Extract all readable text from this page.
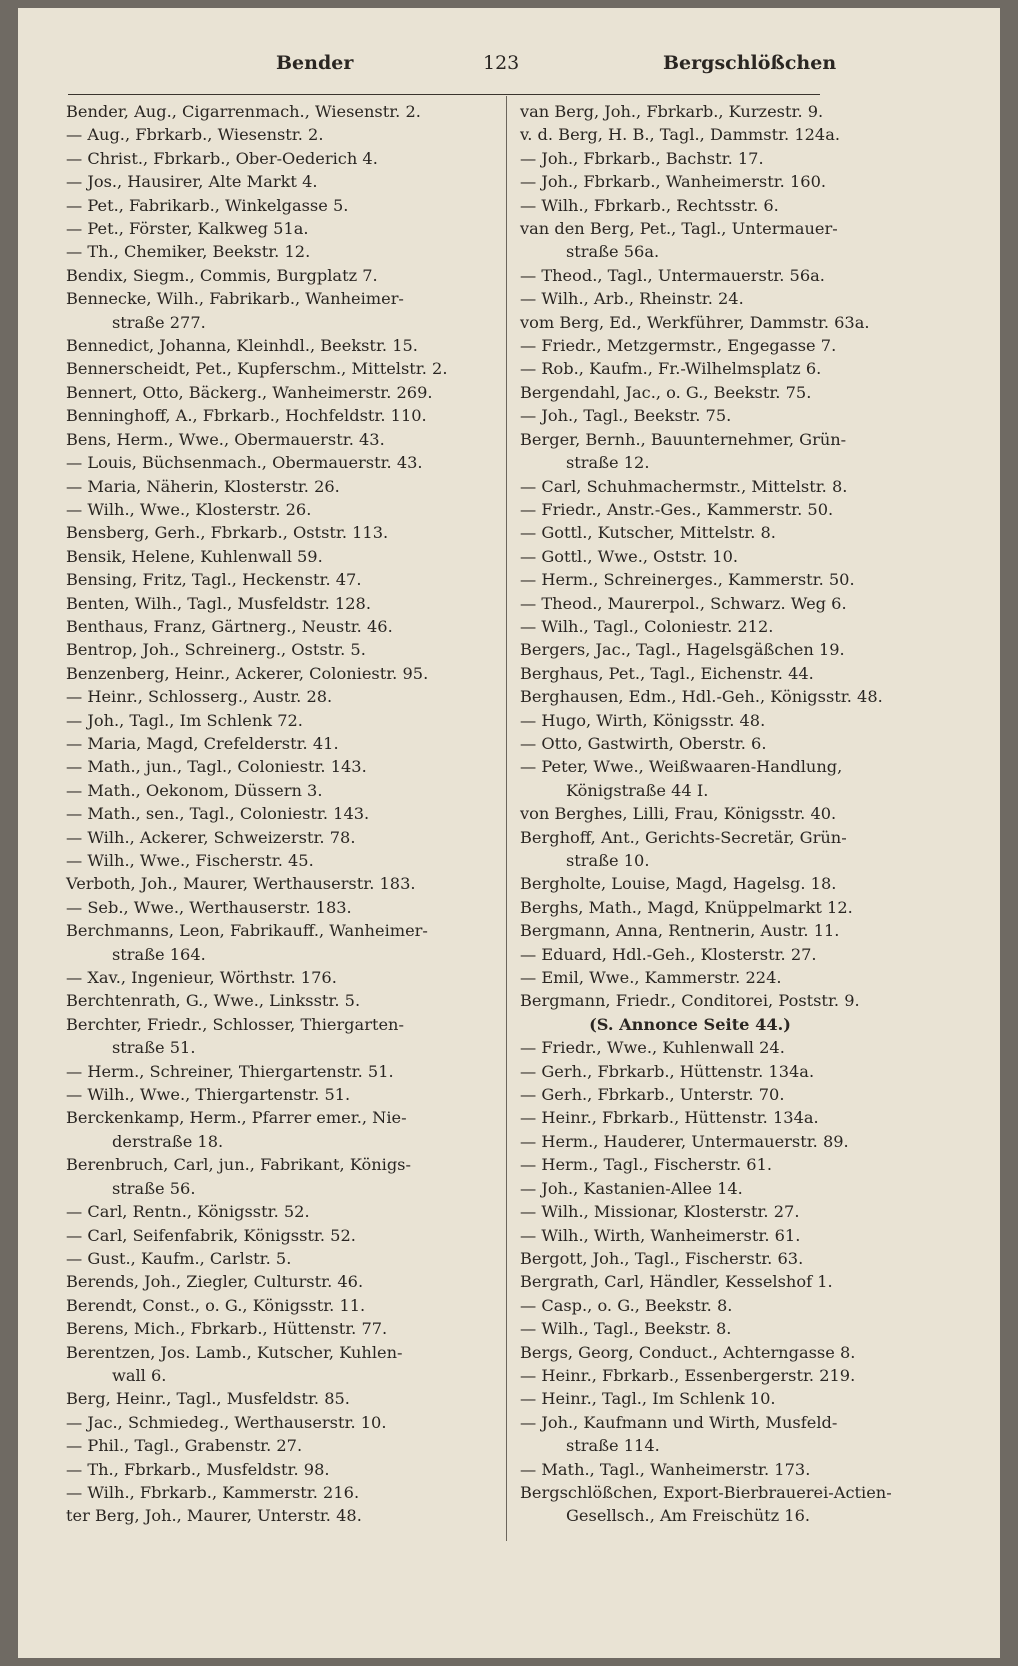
Bender	123	Bergschlößchen
Bender, Aug., Cigarrenmach., Wiesenstr. 2.
— Aug., Fbrkarb., Wiesenstr. 2.
— Christ., Fbrkarb., Ober-Oederich 4.
— Jos., Hausirer, Alte Markt 4.
— Pet., Fabrikarb., Winkelgasse 5.
— Pet., Förster, Kalkweg 51a.
— Th., Chemiker, Beekstr. 12.
Bendix, Siegm., Commis, Burgplatz 7.
Bennecke, Wilh., Fabrikarb., Wanheimer-
straße 277.
Bennedict, Johanna, Kleinhdl., Beekstr. 15.
Bennerscheidt, Pet., Kupferschm., Mittelstr. 2.
Bennert, Otto, Bäckerg., Wanheimerstr. 269.
Benninghoff, A., Fbrkarb., Hochfeldstr. 110.
Bens, Herm., Wwe., Obermauerstr. 43.
— Louis, Büchsenmach., Obermauerstr. 43.
— Maria, Näherin, Klosterstr. 26.
— Wilh., Wwe., Klosterstr. 26.
Bensberg, Gerh., Fbrkarb., Oststr. 113.
Bensik, Helene, Kuhlenwall 59.
Bensing, Fritz, Tagl., Heckenstr. 47.
Benten, Wilh., Tagl., Musfeldstr. 128.
Benthaus, Franz, Gärtnerg., Neustr. 46.
Bentrop, Joh., Schreinerg., Oststr. 5.
Benzenberg, Heinr., Ackerer, Coloniestr. 95.
— Heinr., Schlosserg., Austr. 28.
— Joh., Tagl., Im Schlenk 72.
— Maria, Magd, Crefelderstr. 41.
— Math., jun., Tagl., Coloniestr. 143.
— Math., Oekonom, Düssern 3.
— Math., sen., Tagl., Coloniestr. 143.
— Wilh., Ackerer, Schweizerstr. 78.
— Wilh., Wwe., Fischerstr. 45.
Verboth, Joh., Maurer, Werthauserstr. 183.
— Seb., Wwe., Werthauserstr. 183.
Berchmanns, Leon, Fabrikauff., Wanheimer-
straße 164.
— Xav., Ingenieur, Wörthstr. 176.
Berchtenrath, G., Wwe., Linksstr. 5.
Berchter, Friedr., Schlosser, Thiergarten-
straße 51.
— Herm., Schreiner, Thiergartenstr. 51.
— Wilh., Wwe., Thiergartenstr. 51.
Berckenkamp, Herm., Pfarrer emer., Nie-
derstraße 18.
Berenbruch, Carl, jun., Fabrikant, Königs-
straße 56.
— Carl, Rentn., Königsstr. 52.
— Carl, Seifenfabrik, Königsstr. 52.
— Gust., Kaufm., Carlstr. 5.
Berends, Joh., Ziegler, Culturstr. 46.
Berendt, Const., o. G., Königsstr. 11.
Berens, Mich., Fbrkarb., Hüttenstr. 77.
Berentzen, Jos. Lamb., Kutscher, Kuhlen-
wall 6.
Berg, Heinr., Tagl., Musfeldstr. 85.
— Jac., Schmiedeg., Werthauserstr. 10.
— Phil., Tagl., Grabenstr. 27.
— Th., Fbrkarb., Musfeldstr. 98.
— Wilh., Fbrkarb., Kammerstr. 216.
ter Berg, Joh., Maurer, Unterstr. 48.
van Berg, Joh., Fbrkarb., Kurzestr. 9.
v. d. Berg, H. B., Tagl., Dammstr. 124a.
— Joh., Fbrkarb., Bachstr. 17.
— Joh., Fbrkarb., Wanheimerstr. 160.
— Wilh., Fbrkarb., Rechtsstr. 6.
van den Berg, Pet., Tagl., Untermauer-
straße 56a.
— Theod., Tagl., Untermauerstr. 56a.
— Wilh., Arb., Rheinstr. 24.
vom Berg, Ed., Werkführer, Dammstr. 63a.
— Friedr., Metzgermstr., Engegasse 7.
— Rob., Kaufm., Fr.-Wilhelmsplatz 6.
Bergendahl, Jac., o. G., Beekstr. 75.
— Joh., Tagl., Beekstr. 75.
Berger, Bernh., Bauunternehmer, Grün-
straße 12.
— Carl, Schuhmachermstr., Mittelstr. 8.
— Friedr., Anstr.-Ges., Kammerstr. 50.
— Gottl., Kutscher, Mittelstr. 8.
— Gottl., Wwe., Oststr. 10.
— Herm., Schreinerges., Kammerstr. 50.
— Theod., Maurerpol., Schwarz. Weg 6.
— Wilh., Tagl., Coloniestr. 212.
Bergers, Jac., Tagl., Hagelsgäßchen 19.
Berghaus, Pet., Tagl., Eichenstr. 44.
Berghausen, Edm., Hdl.-Geh., Königsstr. 48.
— Hugo, Wirth, Königsstr. 48.
— Otto, Gastwirth, Oberstr. 6.
— Peter, Wwe., Weißwaaren-Handlung,
Königstraße 44 I.
von Berghes, Lilli, Frau, Königsstr. 40.
Berghoff, Ant., Gerichts-Secretär, Grün-
straße 10.
Bergholte, Louise, Magd, Hagelsg. 18.
Berghs, Math., Magd, Knüppelmarkt 12.
Bergmann, Anna, Rentnerin, Austr. 11.
— Eduard, Hdl.-Geh., Klosterstr. 27.
— Emil, Wwe., Kammerstr. 224.
Bergmann, Friedr., Conditorei, Poststr. 9.
(S. Annonce Seite 44.)
— Friedr., Wwe., Kuhlenwall 24.
— Gerh., Fbrkarb., Hüttenstr. 134a.
— Gerh., Fbrkarb., Unterstr. 70.
— Heinr., Fbrkarb., Hüttenstr. 134a.
— Herm., Hauderer, Untermauerstr. 89.
— Herm., Tagl., Fischerstr. 61.
— Joh., Kastanien-Allee 14.
— Wilh., Missionar, Klosterstr. 27.
— Wilh., Wirth, Wanheimerstr. 61.
Bergott, Joh., Tagl., Fischerstr. 63.
Bergrath, Carl, Händler, Kesselshof 1.
— Casp., o. G., Beekstr. 8.
— Wilh., Tagl., Beekstr. 8.
Bergs, Georg, Conduct., Achterngasse 8.
— Heinr., Fbrkarb., Essenbergerstr. 219.
— Heinr., Tagl., Im Schlenk 10.
— Joh., Kaufmann und Wirth, Musfeld-
straße 114.
— Math., Tagl., Wanheimerstr. 173.
Bergschlößchen, Export-Bierbrauerei-Actien-
Gesellsch., Am Freischütz 16.
